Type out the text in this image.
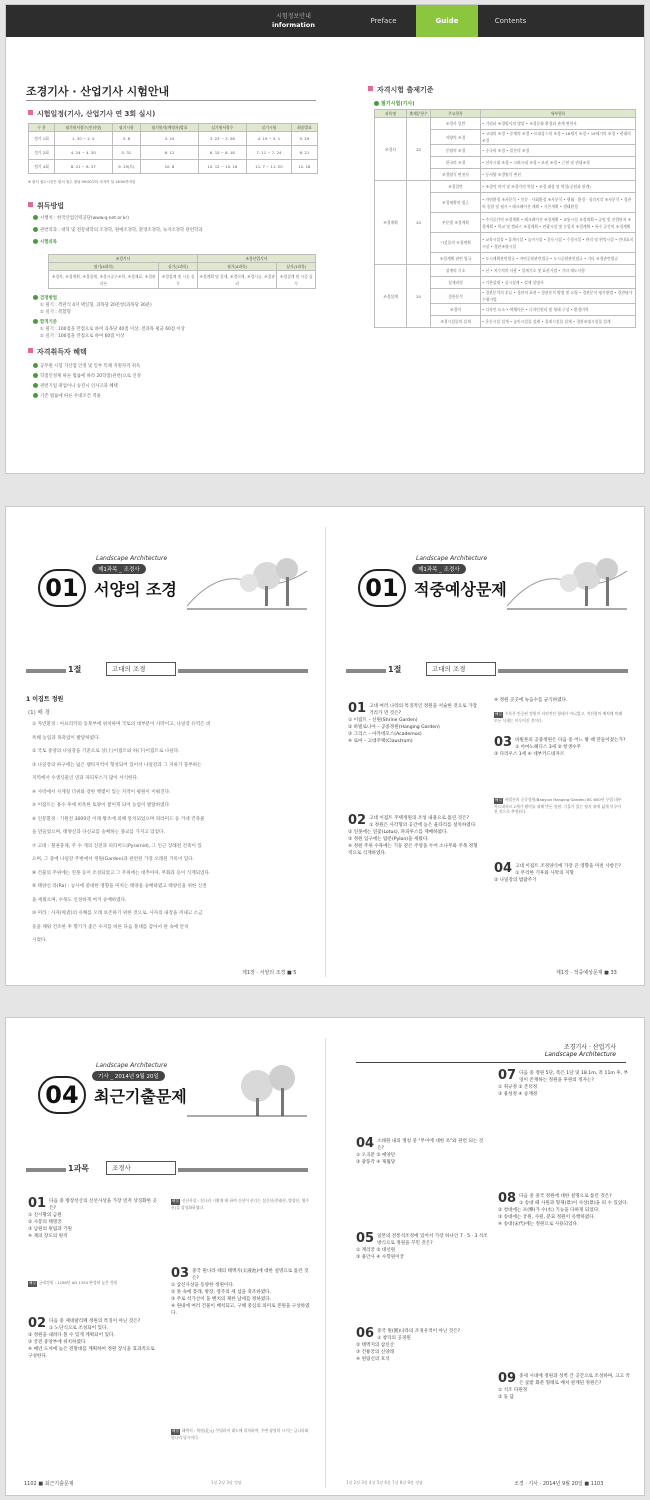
시험정보안내
information	Preface	Guide	Contents
조경기사 · 산업기사 시험안내
시험일정(기사, 산업기사 연 3회 실시)
구 분	필기원서접수(인터넷)	필기시험	필기합격(예정자)발표	실기원서접수	실기시험	최종발표
정기 1회	1. 30 ~ 2. 5	3. 8	3. 20	3. 23 ~ 3. 26	4. 19 ~ 5. 1	5. 29
정기 2회	4. 24 ~ 4. 30	5. 31	6. 12	6. 15 ~ 6. 18	7. 11 ~ 7. 24	8. 21
정기 4회	8. 21 ~ 8. 27	9. 19(토)	10. 8	10. 12 ~ 10. 16	11. 7 ~ 11. 20	12. 18
※ 원서 접수시간은 원서 접수 첫날 09:00부터 마지막 날 18:00까지임
취득방법
시행처 : 한국산업인력공단(www.q-net.or.kr)
관련학과 : 대학 및 전문대학의 조경학, 원예조경학, 환경조경학, 녹지조경학 관련학과
시험과목
조경기사		조경산업기사	
필기(4과목)	실기(1과목)	필기(4과목)	실기(1과목)
조경사, 조경계획, 조경설계, 조경시공구조학, 조경재료, 조경관리론	조경설계 및 시공 실무	조경계획 및 설계, 조경식재, 조경시공, 조경관리	조경설계 및 시공 실무
검정방법
① 필기 : 객관식 4지 택일형, 과목당 20문항(과목당 30분)
② 실기 : 복합형
합격기준
① 필기 : 100점을 만점으로 하여 과목당 40점 이상, 전과목 평균 60점 이상
② 실기 : 100점을 만점으로 하여 60점 이상
자격취득자 혜택
공무원 시험 가산점 인정 및 일부 특채 지원자격 취득
학점인정제 따른 법률에 따라 20학점(관련)으로 인정
관련기업 취업이나 승진시 인사고과 혜택
기존 법률에 따른 우대조건 적용
자격시험 출제기준
필기시험(기사)
과목명	출제문항수	주요항목	세부항목
조경사	20	조경사 일반	• 기원과 조경양식의 발달 • 조경문화 환경과 관계 변천사
		서양의 조경	• 고대의 조경 • 중세의 조경 • 르네상스의 조경 • 18세기 조경 • 19세기의 조경 • 현대의 조경
		동양의 조경	• 중국의 조경 • 일본의 조경
		한국의 조경	• 선사시대 조경 • 고려시대 조경 • 조선 조경 • 근현 및 현대조경
		조경양식 변천사	• 동서양 조경양식 변천
조경계획	20	조경일반	• 조경의 의미 및 조경가의 역할 • 조경 대상 및 역할(공원과 관계)
		조경계획의 접근	• 자연환경 조사분석 • 인문 · 사회환경 조사분석 • 행태 · 환경 · 심리지각 조사분석 • 경관의 종합 및 평가 • 레크레이션 계획 • 기본계획 • 생태환경
		부문별 조경계획	• 주거공간의 조경계획 • 레크레이션 조경계획 • 교통시설 조경계획 • 공원 및 산업단지 조경계획 • 학교 및 캠퍼스 조경계획 • 관광시설 및 농업지 조경계획 • 특수 공간의 조경계획
		시설물의 조경계획	• 교육시설물 • 휴게시설 • 놀이시설 • 운동시설 • 수경시설 • 관리 및 편익시설 • 안내표지시설 • 경관조명시설
		조경계획 관련 법규	• 도시계획관련법규 • 자연공원관련법규 • 도시공원관련법규 • 기타 조경관련법규
조경설계	20	설계의 기초	• 선 • 지수치의 사용 • 설계기호 및 표현기법 • 기타 제도사항
		설계과정	• 기본설계 • 실시설계 • 설계 설명서
		경관분석	• 경관분석의 분류 • 경관의 표현 • 경관분석 방법 및 요령 • 경관분석 평가방법 • 경관평가 수행기법
		조경미	• 디자인 요소 • 색채미론 • 디자인원리 및 형태 구성 • 환경미학
		조경시설물의 설계	• 운동시설 설계 • 놀이시설물 설계 • 휴게시설물 설계 • 경관조명시설물 설계
01
Landscape Architecture
제1과목 _ 조경사
서양의 조경
1절	고대의 조경
1 이집트 정원
(1) 배 경
① 자연환경 : 아프리카의 동북부에 위치하며 국토의 대부분이 사막이고, 나일강 유역은 비
옥해 농업과 목축업이 발달하였다.
② 국토 중앙의 나일강을 기준으로 상(上)이집트와 하(下)이집트로 나뉜다.
③ 나일강의 하구에는 넓은 델타지역이 형성되어 있어서 나일강과 그 지류가 풍부하는
지역에서 수생식물인 연과 파피루스가 많이 서식한다.
④ 사막에서 사계절 더위와 강한 햇볕이 있는 지역이 평원이 이뤄진다.
⑤ 이집트는 홍수 후에 비옥한 토양이 쌓이게 되어 농업이 발달하였다.
⑥ 인문환경 : 기원전 3000년 이래 왕조에 의해 통치되었으며 피라미드 등 거대 건축물
을 만들었으며, 태양신과 다신교를 숭배하는 종교를 가지고 있었다.
⑦ 고대 : 철권중제, 주 수 개의 신전과 피라미드(Pyramid), 그 인근 장례전 건축이 있
으며, 그 중에 나일강 주변에서 정원(Garden)과 관련된 가장 오래된 기록이 있다.
⑧ 건물의 주위에는 연못 등이 조성되었고 그 주위에는 대추야자, 무화과 등이 식재되었다.
⑨ 태양신 라(Ra) : 농사에 중대한 영향을 미치는 태양을 숭배하였고 태양신을 위한 신전
을 세웠으며, 수목도 신성하게 여겨 숭배하였다.
⑩ 미라 : 사자(死者)의 유해를 오래 보존하기 위한 것으로, 사자의 내장을 꺼내고 소금
등을 채워 건조한 후 향기가 좋은 수지를 바른 다음 붕대를 감아서 관 속에 안치
시켰다.
제1장 · 서양의 조경 ■ 5
01
Landscape Architecture
제1과목 _ 조경사
적중예상문제
1절	고대의 조경
01 고대 여러 나라의 특징적인 정원을 서술한 것으로 가장 거리가 먼 것은?
① 이집트 – 신원(Shrine Garden)
② 바빌로니아 – 공중정원(Hanging Garden)
③ 그리스 – 아카데모스(Academos)
④ 로마 – 고대주택(Claustrum)
02 고대 이집트 주택정원의 조성 내용으로 틀린 것은?
① 정원은 사각형의 공간에 높은 울타리를 설치하였다.
② 연못에는 연꽃(Lotus), 파피루스를 재배하였다.
③ 정원 입구에는 탑문(Pylon)을 세웠다.
④ 정원 주위 수목에는 기둥 같은 주랑을 두어 소나무와 주목 정형적으로 식재하였다.
03 바빌론의 공중정원은 다음 중 어느 왕 때 만들어졌는가?
① 아마노헤디스 3세 ② 항생수주
③ 다리우스 1세 ④ 네부카드네자르
04 고대 이집트 조경양식에 가장 큰 영향을 미친 사항은?
① 무리한 기후와 사막의 지형
② 나일강의 범람주기
④ 정원 곳곳에 녹음수를 균식하였다.
해설 수목은 인공된 정원이 자연적인 형태가 아니었고, 직선형의 배치에 의해 모든 식재는 이루어진 것이다.
해설 바빌론의 공중정원(Babylon Hanging Garden) BC 600년 무렵 네부카드네자르 2세가 왕비를 위해 만든 정원. 기울기 있는 평지 위에 넓게 이루어진 것으로 추정된다.
제1장 · 적중예상문제 ■ 33
04
Landscape Architecture
기사 _ 2014년 9월 20일
최근기출문제
1과목	조경사
01 다음 중 방장선산의 신선사상을 가장 먼저 상징화한 곳은?
① 진시황의 금원
② 사봉의 태명궁
③ 남원의 원림과 기원
④ 제의 장도의 원직
02 다음 중 제네랄리페 정원의 특징이 아닌 것은?
① 노단식으로 조성되어 있다.
② 정원을 내려다 볼 수 있게 계획되어 있다.
③ 궁전 중앙부에 위치하였다.
④ 매년 도처에 높은 전망대를 계획하여 정원 장식을 효과적으로 구성한다.
03 중국 원나라 때의 태액지(太液池)에 대한 설명으로 틀린 것은?
① 삼신사상을 동양한 정원이다.
② 못 속에 봉래, 방장, 영주의 세 섬을 축조하였다.
③ 주로 석가산이 돌 벤치의 제한 납세를 정하였다.
④ 원내에 여러 건물이 배치되고, 구해 중심의 의미로 본원을 구상하였다.
해설 신선사상 : 진나라 시황제 때 하여 신선이 산다는 삼신산(봉래산, 방장산, 영주산)을 상징화하였다.
해설 궁내정원 : 1258년 AD 1354 완성된 높은 정원
해설 태액지 : 북원(北元) 쿠빌라이 대도에 위치하며, 주변 장원의 시기는 금나라와 원나라 당시이다.
1102 ■ 최근기출문제	1장 2장 3장 정답
조경기사 · 산업기사
Landscape Architecture
04 소쇄원 내의 명칭 중 "무이에 대한 초"와 관련 되는 것은?
① 오곡문 ② 애양단
③ 광풍각 ④ 제월당
05 일본의 전통석조정에 있어서 가장 하나인 7 · 5 · 3 석조 방식으로 정원을 꾸민 것은?
① 계리궁 ② 대선원
③ 용안사 ④ 수학원이궁
06 중국 원(園)나라의 조경유적이 아닌 것은?
① 창덕의 공경원
② 태액지의 삼신산
③ 건륭궁의 신양레
④ 원림신의 호석
07 다음 중 정원 5단, 폭은 1단 및 18.1m, 폭 11m 후, 부엉이 존재하는 정원을 후원의 정자는?
① 취규정 ② 존덕정
③ 용성정 ④ 승재정
08 다음 중 중국 정원에 대한 설명으로 틀린 것은?
① 송대 때 사원과 형제(景)이 사상(景)을 띄 수 있었다.
② 청대에는 포(樂)가 수(水) 기능을 다하게 되었다.
③ 송대에는 궁원, 사원, 분묘 정원이 유행하였다.
④ 송대(宋代)에는 정원으로 사용되었다.
09 중세 시대에 정원과 성벽 간 공간으로 조성하며, 크고 작은 꽃밭 화분 형태로 배치 관계된 정원은?
① 석조 타원정
② 돌 담
1장 2장 3장 4장 5장 6장 7장 8장 9장 정답	조경 · 기사 · 2014년 9월 20일 ■ 1103
